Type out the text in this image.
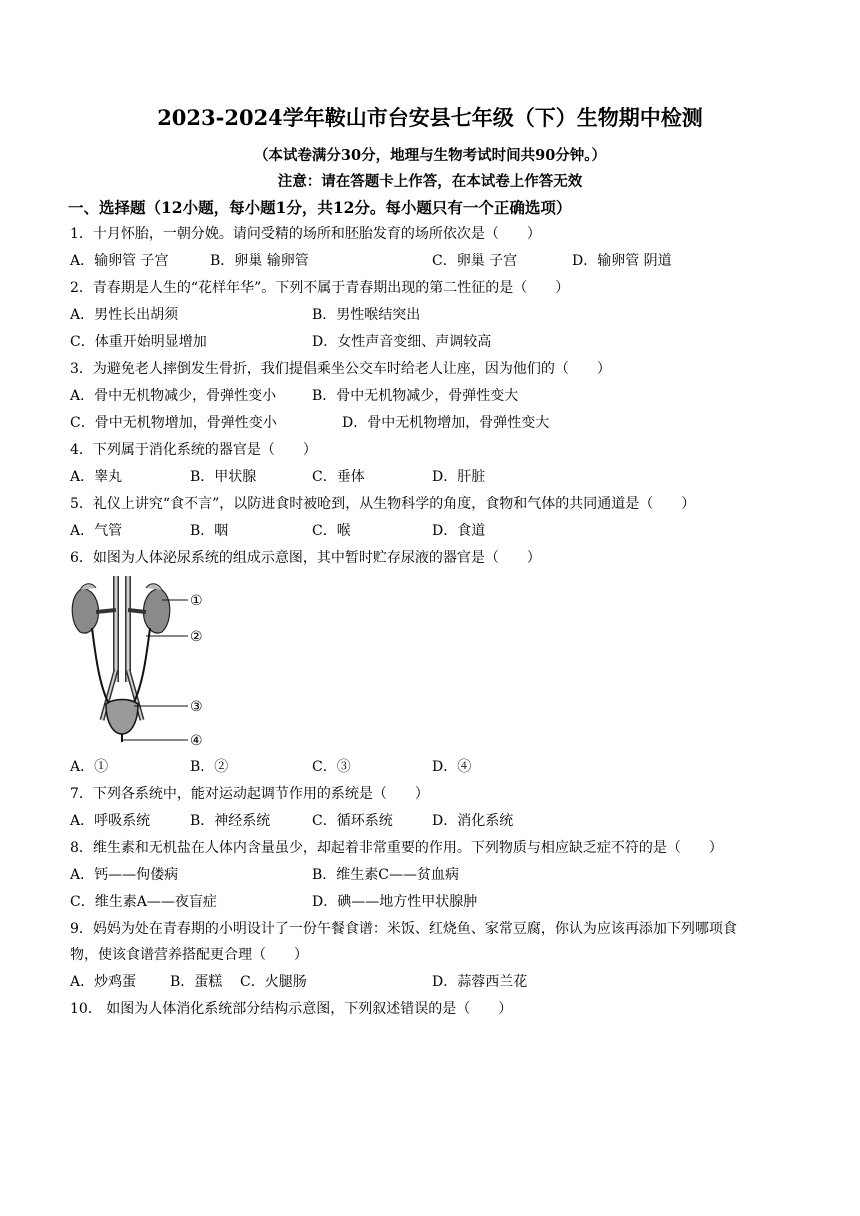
2023-2024学年鞍山市台安县七年级（下）生物期中检测
（本试卷满分30分，地理与生物考试时间共90分钟。）
注意：请在答题卡上作答，在本试卷上作答无效
一、选择题（12小题，每小题1分，共12分。每小题只有一个正确选项）
1．十月怀胎，一朝分娩。请问受精的场所和胚胎发育的场所依次是（　　）
A．输卵管 子宫	B．卵巢 输卵管	C．卵巢 子宫	D．输卵管 阴道
2．青春期是人生的“花样年华”。下列不属于青春期出现的第二性征的是（　　）
A．男性长出胡须	B．男性喉结突出
C．体重开始明显增加	D．女性声音变细、声调较高
3．为避免老人摔倒发生骨折，我们提倡乘坐公交车时给老人让座，因为他们的（　　）
A．骨中无机物减少，骨弹性变小	B．骨中无机物减少，骨弹性变大
C．骨中无机物增加，骨弹性变小	D．骨中无机物增加，骨弹性变大
4．下列属于消化系统的器官是（　　）
A．睾丸	B．甲状腺	C．垂体	D．肝脏
5．礼仪上讲究“食不言”，以防进食时被呛到，从生物科学的角度，食物和气体的共同通道是（　　）
A．气管	B．咽	C．喉	D．食道
6．如图为人体泌尿系统的组成示意图，其中暂时贮存尿液的器官是（　　）
①
②
③
④
A．①	B．②	C．③	D．④
7．下列各系统中，能对运动起调节作用的系统是（　　）
A．呼吸系统	B．神经系统	C．循环系统	D．消化系统
8．维生素和无机盐在人体内含量虽少，却起着非常重要的作用。下列物质与相应缺乏症不符的是（　　）
A．钙——佝偻病	B．维生素C——贫血病
C．维生素A——夜盲症	D．碘——地方性甲状腺肿
9．妈妈为处在青春期的小明设计了一份午餐食谱：米饭、红烧鱼、家常豆腐，你认为应该再添加下列哪项食
物，使该食谱营养搭配更合理（　　）
A．炒鸡蛋 B．蛋糕 C．火腿肠	D．蒜蓉西兰花
10． 如图为人体消化系统部分结构示意图，下列叙述错误的是（　　）
